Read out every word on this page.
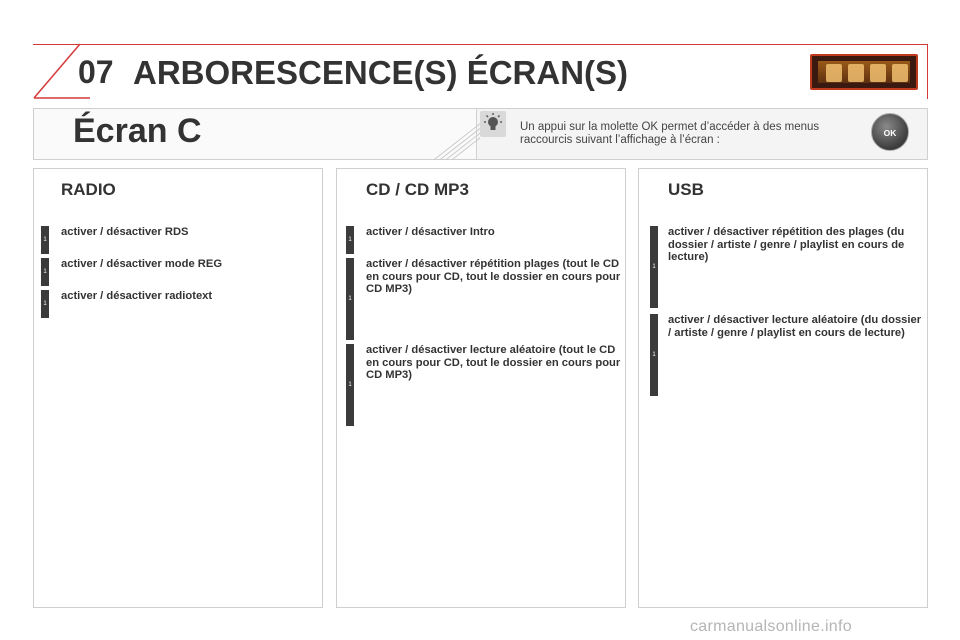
07 ARBORESCENCE(S) ÉCRAN(S)
Écran C	Un appui sur la molette OK permet d’accéder à des menus raccourcis suivant l’affichage à l’écran :
OK
RADIO
1
activer / désactiver RDS
1
activer / désactiver mode REG
1
activer / désactiver radiotext
CD / CD MP3
1
activer / désactiver Intro
1
activer / désactiver répétition plages (tout le CD en cours pour CD, tout le dossier en cours pour CD MP3)
1
activer / désactiver lecture aléatoire (tout le CD en cours pour CD, tout le dossier en cours pour CD MP3)
USB
1
activer / désactiver répétition des plages (du dossier / artiste / genre / playlist en cours de lecture)
1
activer / désactiver lecture aléatoire (du dossier / artiste / genre / playlist en cours de lecture)
carmanualsonline.info
